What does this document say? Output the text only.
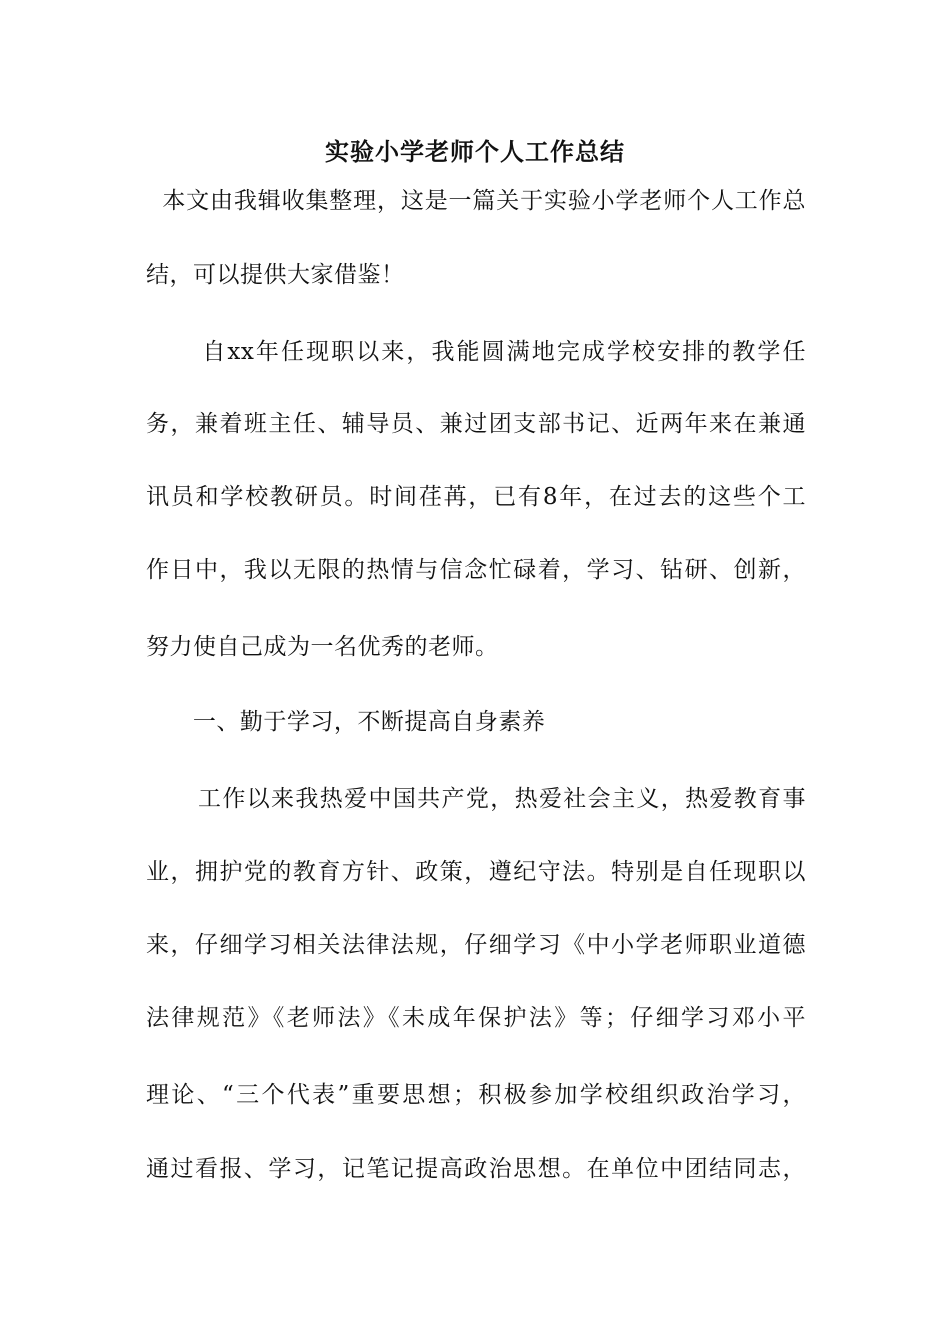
实验小学老师个人工作总结
本文由我辑收集整理，这是一篇关于实验小学老师个人工作总
结，可以提供大家借鉴！
自xx年任现职以来，我能圆满地完成学校安排的教学任
务，兼着班主任、辅导员、兼过团支部书记、近两年来在兼通
讯员和学校教研员。时间荏苒，已有8年，在过去的这些个工
作日中，我以无限的热情与信念忙碌着，学习、钻研、创新，
努力使自己成为一名优秀的老师。
一、勤于学习，不断提高自身素养
工作以来我热爱中国共产党，热爱社会主义，热爱教育事
业，拥护党的教育方针、政策，遵纪守法。特别是自任现职以
来，仔细学习相关法律法规，仔细学习《中小学老师职业道德
法律规范》《老师法》《未成年保护法》等；仔细学习邓小平
理论、“三个代表”重要思想；积极参加学校组织政治学习，
通过看报、学习，记笔记提高政治思想。在单位中团结同志，
